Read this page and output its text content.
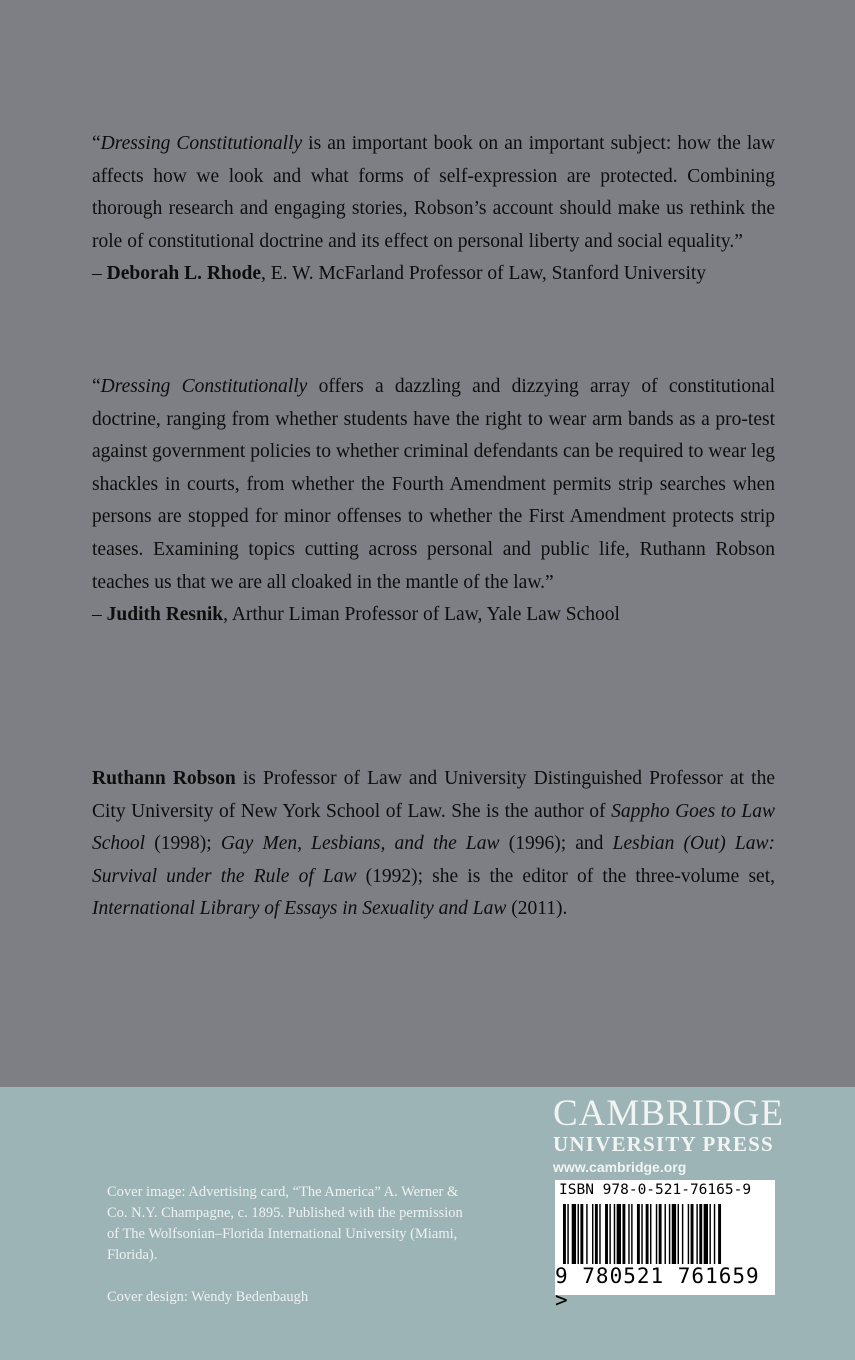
“Dressing Constitutionally is an important book on an important subject: how the law affects how we look and what forms of self-expression are protected. Combining thorough research and engaging stories, Robson’s account should make us rethink the role of constitutional doctrine and its effect on personal liberty and social equality.”
– Deborah L. Rhode, E. W. McFarland Professor of Law, Stanford University
“Dressing Constitutionally offers a dazzling and dizzying array of constitutional doctrine, ranging from whether students have the right to wear arm bands as a pro-test against government policies to whether criminal defendants can be required to wear leg shackles in courts, from whether the Fourth Amendment permits strip searches when persons are stopped for minor offenses to whether the First Amendment protects strip teases. Examining topics cutting across personal and public life, Ruthann Robson teaches us that we are all cloaked in the mantle of the law.”
– Judith Resnik, Arthur Liman Professor of Law, Yale Law School
Ruthann Robson is Professor of Law and University Distinguished Professor at the City University of New York School of Law. She is the author of Sappho Goes to Law School (1998); Gay Men, Lesbians, and the Law (1996); and Lesbian (Out) Law: Survival under the Rule of Law (1992); she is the editor of the three-volume set, International Library of Essays in Sexuality and Law (2011).
CAMBRIDGE
UNIVERSITY PRESS
www.cambridge.org

Cover image: Advertising card, “The America” A. Werner & Co. N.Y. Champagne, c. 1895. Published with the permission of The Wolfsonian–Florida International University (Miami, Florida).

Cover design: Wendy Bedenbaugh

ISBN 978-0-521-76165-9
9 780521 761659 >
